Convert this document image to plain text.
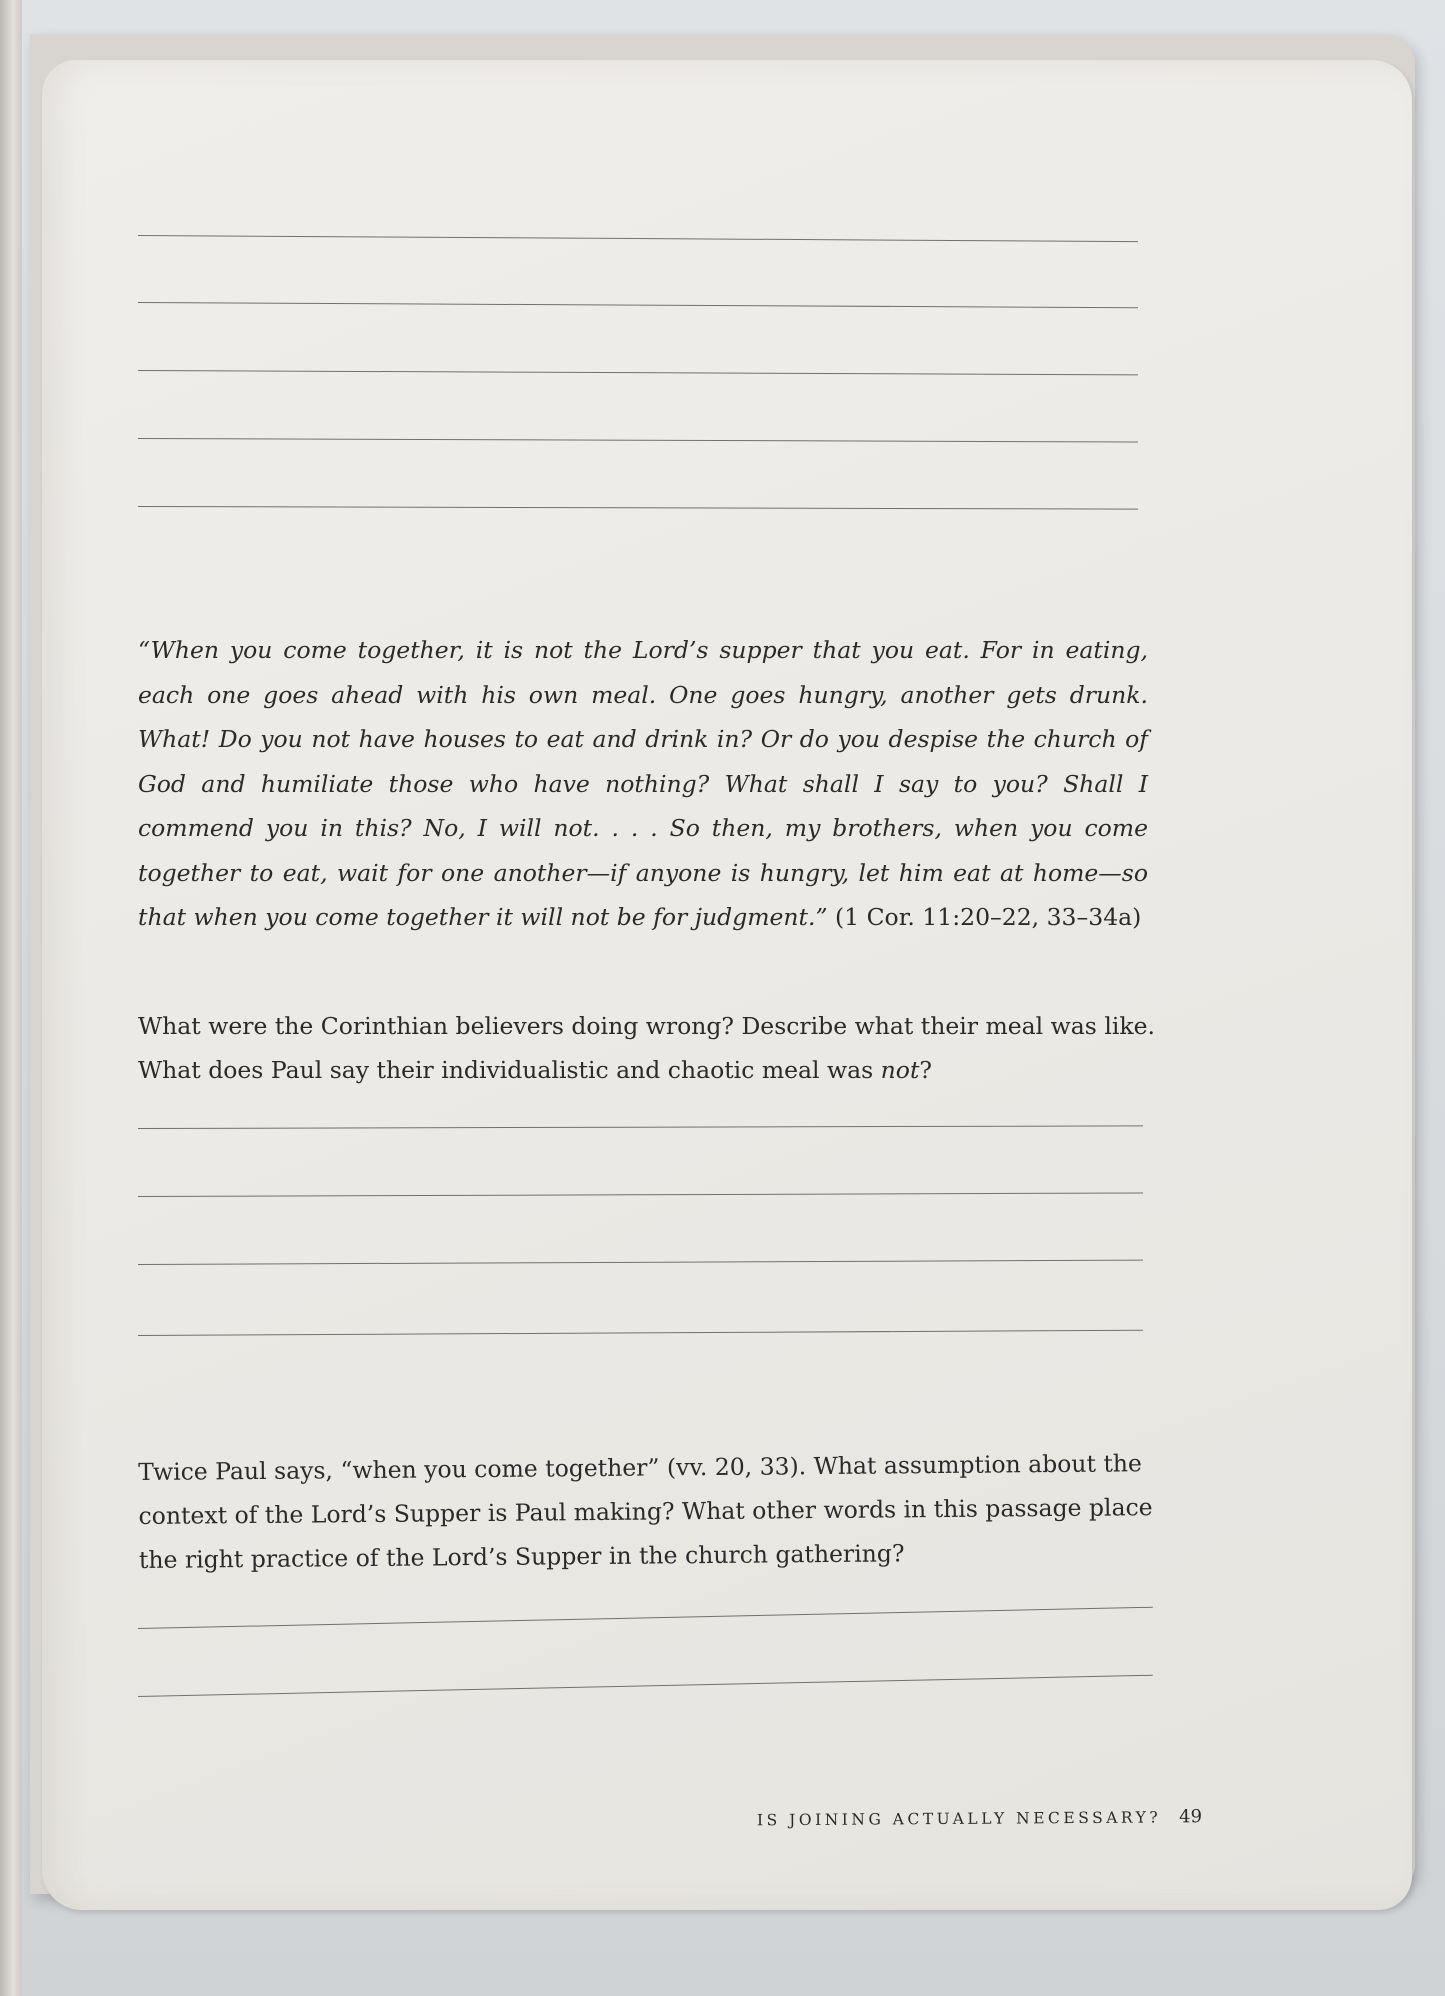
“When you come together, it is not the Lord’s supper that you eat. For in eating, each one goes ahead with his own meal. One goes hungry, another gets drunk. What! Do you not have houses to eat and drink in? Or do you despise the church of God and humiliate those who have nothing? What shall I say to you? Shall I commend you in this? No, I will not. . . . So then, my brothers, when you come together to eat, wait for one another—if anyone is hungry, let him eat at home—so that when you come together it will not be for judgment.” (1 Cor. 11:20–22, 33–34a)

What were the Corinthian believers doing wrong? Describe what their meal was like. What does Paul say their individualistic and chaotic meal was not?

Twice Paul says, “when you come together” (vv. 20, 33). What assumption about the context of the Lord’s Supper is Paul making? What other words in this passage place the right practice of the Lord’s Supper in the church gathering?

IS JOINING ACTUALLY NECESSARY? 49
